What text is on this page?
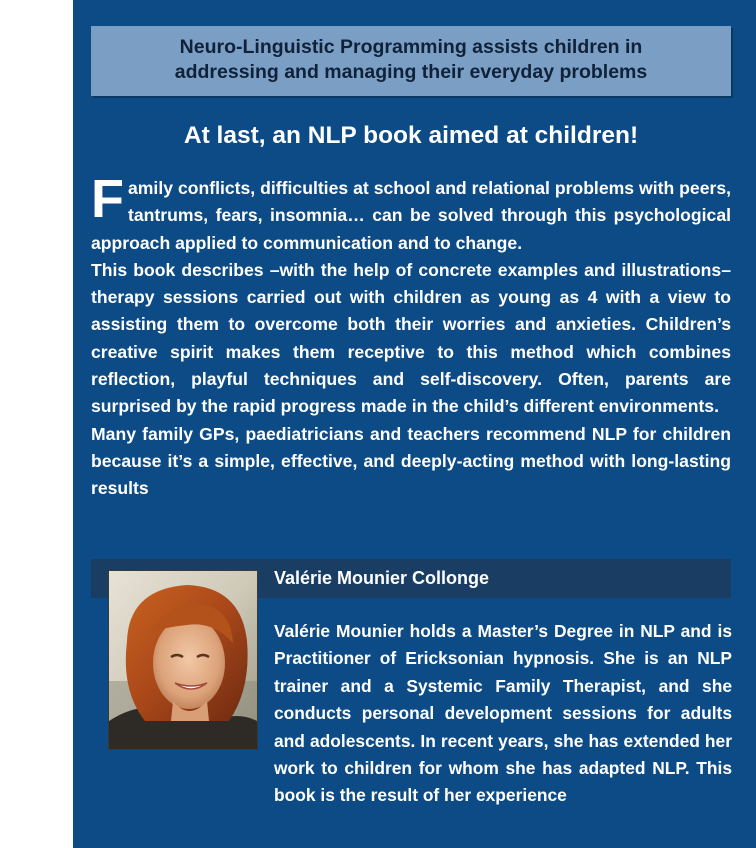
Neuro-Linguistic Programming assists children in
addressing and managing their everyday problems
At last, an NLP book aimed at children!

Family conflicts, difficulties at school and relational problems with peers, tantrums, fears, insomnia… can be solved through this psychological approach applied to communication and to change.

This book describes –with the help of concrete examples and illustrations– therapy sessions carried out with children as young as 4 with a view to assisting them to overcome both their worries and anxieties. Children’s creative spirit makes them receptive to this method which combines reflection, playful techniques and self-discovery. Often, parents are surprised by the rapid progress made in the child’s different environments.

Many family GPs, paediatricians and teachers recommend NLP for children because it’s a simple, effective, and deeply-acting method with long-lasting results

Valérie Mounier Collonge
Valérie Mounier holds a Master’s Degree in NLP and is Practitioner of Ericksonian hypnosis. She is an NLP trainer and a Systemic Family Therapist, and she conducts personal development sessions for adults and adolescents. In recent years, she has extended her work to children for whom she has adapted NLP. This book is the result of her experience
